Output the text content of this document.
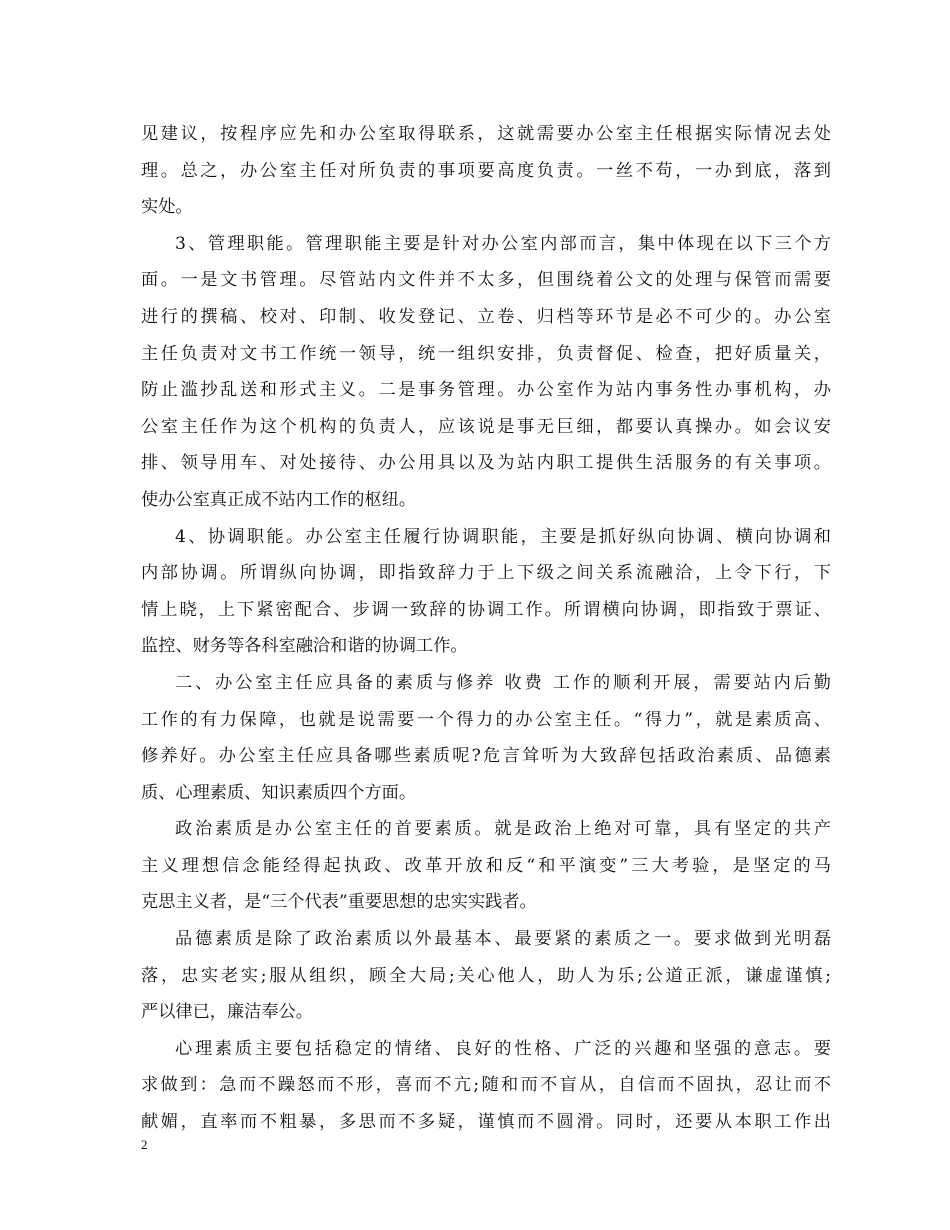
见建议，按程序应先和办公室取得联系，这就需要办公室主任根据实际情况去处
理。总之，办公室主任对所负责的事项要高度负责。一丝不苟，一办到底，落到
实处。
3、管理职能。管理职能主要是针对办公室内部而言，集中体现在以下三个方
面。一是文书管理。尽管站内文件并不太多，但围绕着公文的处理与保管而需要
进行的撰稿、校对、印制、收发登记、立卷、归档等环节是必不可少的。办公室
主任负责对文书工作统一领导，统一组织安排，负责督促、检查，把好质量关，
防止滥抄乱送和形式主义。二是事务管理。办公室作为站内事务性办事机构，办
公室主任作为这个机构的负责人，应该说是事无巨细，都要认真操办。如会议安
排、领导用车、对处接待、办公用具以及为站内职工提供生活服务的有关事项。
使办公室真正成不站内工作的枢纽。
4、协调职能。办公室主任履行协调职能，主要是抓好纵向协调、横向协调和
内部协调。所谓纵向协调，即指致辞力于上下级之间关系流融洽，上令下行，下
情上晓，上下紧密配合、步调一致辞的协调工作。所谓横向协调，即指致于票证、
监控、财务等各科室融洽和谐的协调工作。
二、办公室主任应具备的素质与修养 收费 工作的顺利开展，需要站内后勤
工作的有力保障，也就是说需要一个得力的办公室主任。“得力”，就是素质高、
修养好。办公室主任应具备哪些素质呢?危言耸听为大致辞包括政治素质、品德素
质、心理素质、知识素质四个方面。
政治素质是办公室主任的首要素质。就是政治上绝对可靠，具有坚定的共产
主义理想信念能经得起执政、改革开放和反“和平演变”三大考验，是坚定的马
克思主义者，是“三个代表”重要思想的忠实实践者。
品德素质是除了政治素质以外最基本、最要紧的素质之一。要求做到光明磊
落，忠实老实;服从组织，顾全大局;关心他人，助人为乐;公道正派，谦虚谨慎;
严以律已，廉洁奉公。
心理素质主要包括稳定的情绪、良好的性格、广泛的兴趣和坚强的意志。要
求做到：急而不躁怒而不形，喜而不亢;随和而不盲从，自信而不固执，忍让而不
献媚，直率而不粗暴，多思而不多疑，谨慎而不圆滑。同时，还要从本职工作出
2
